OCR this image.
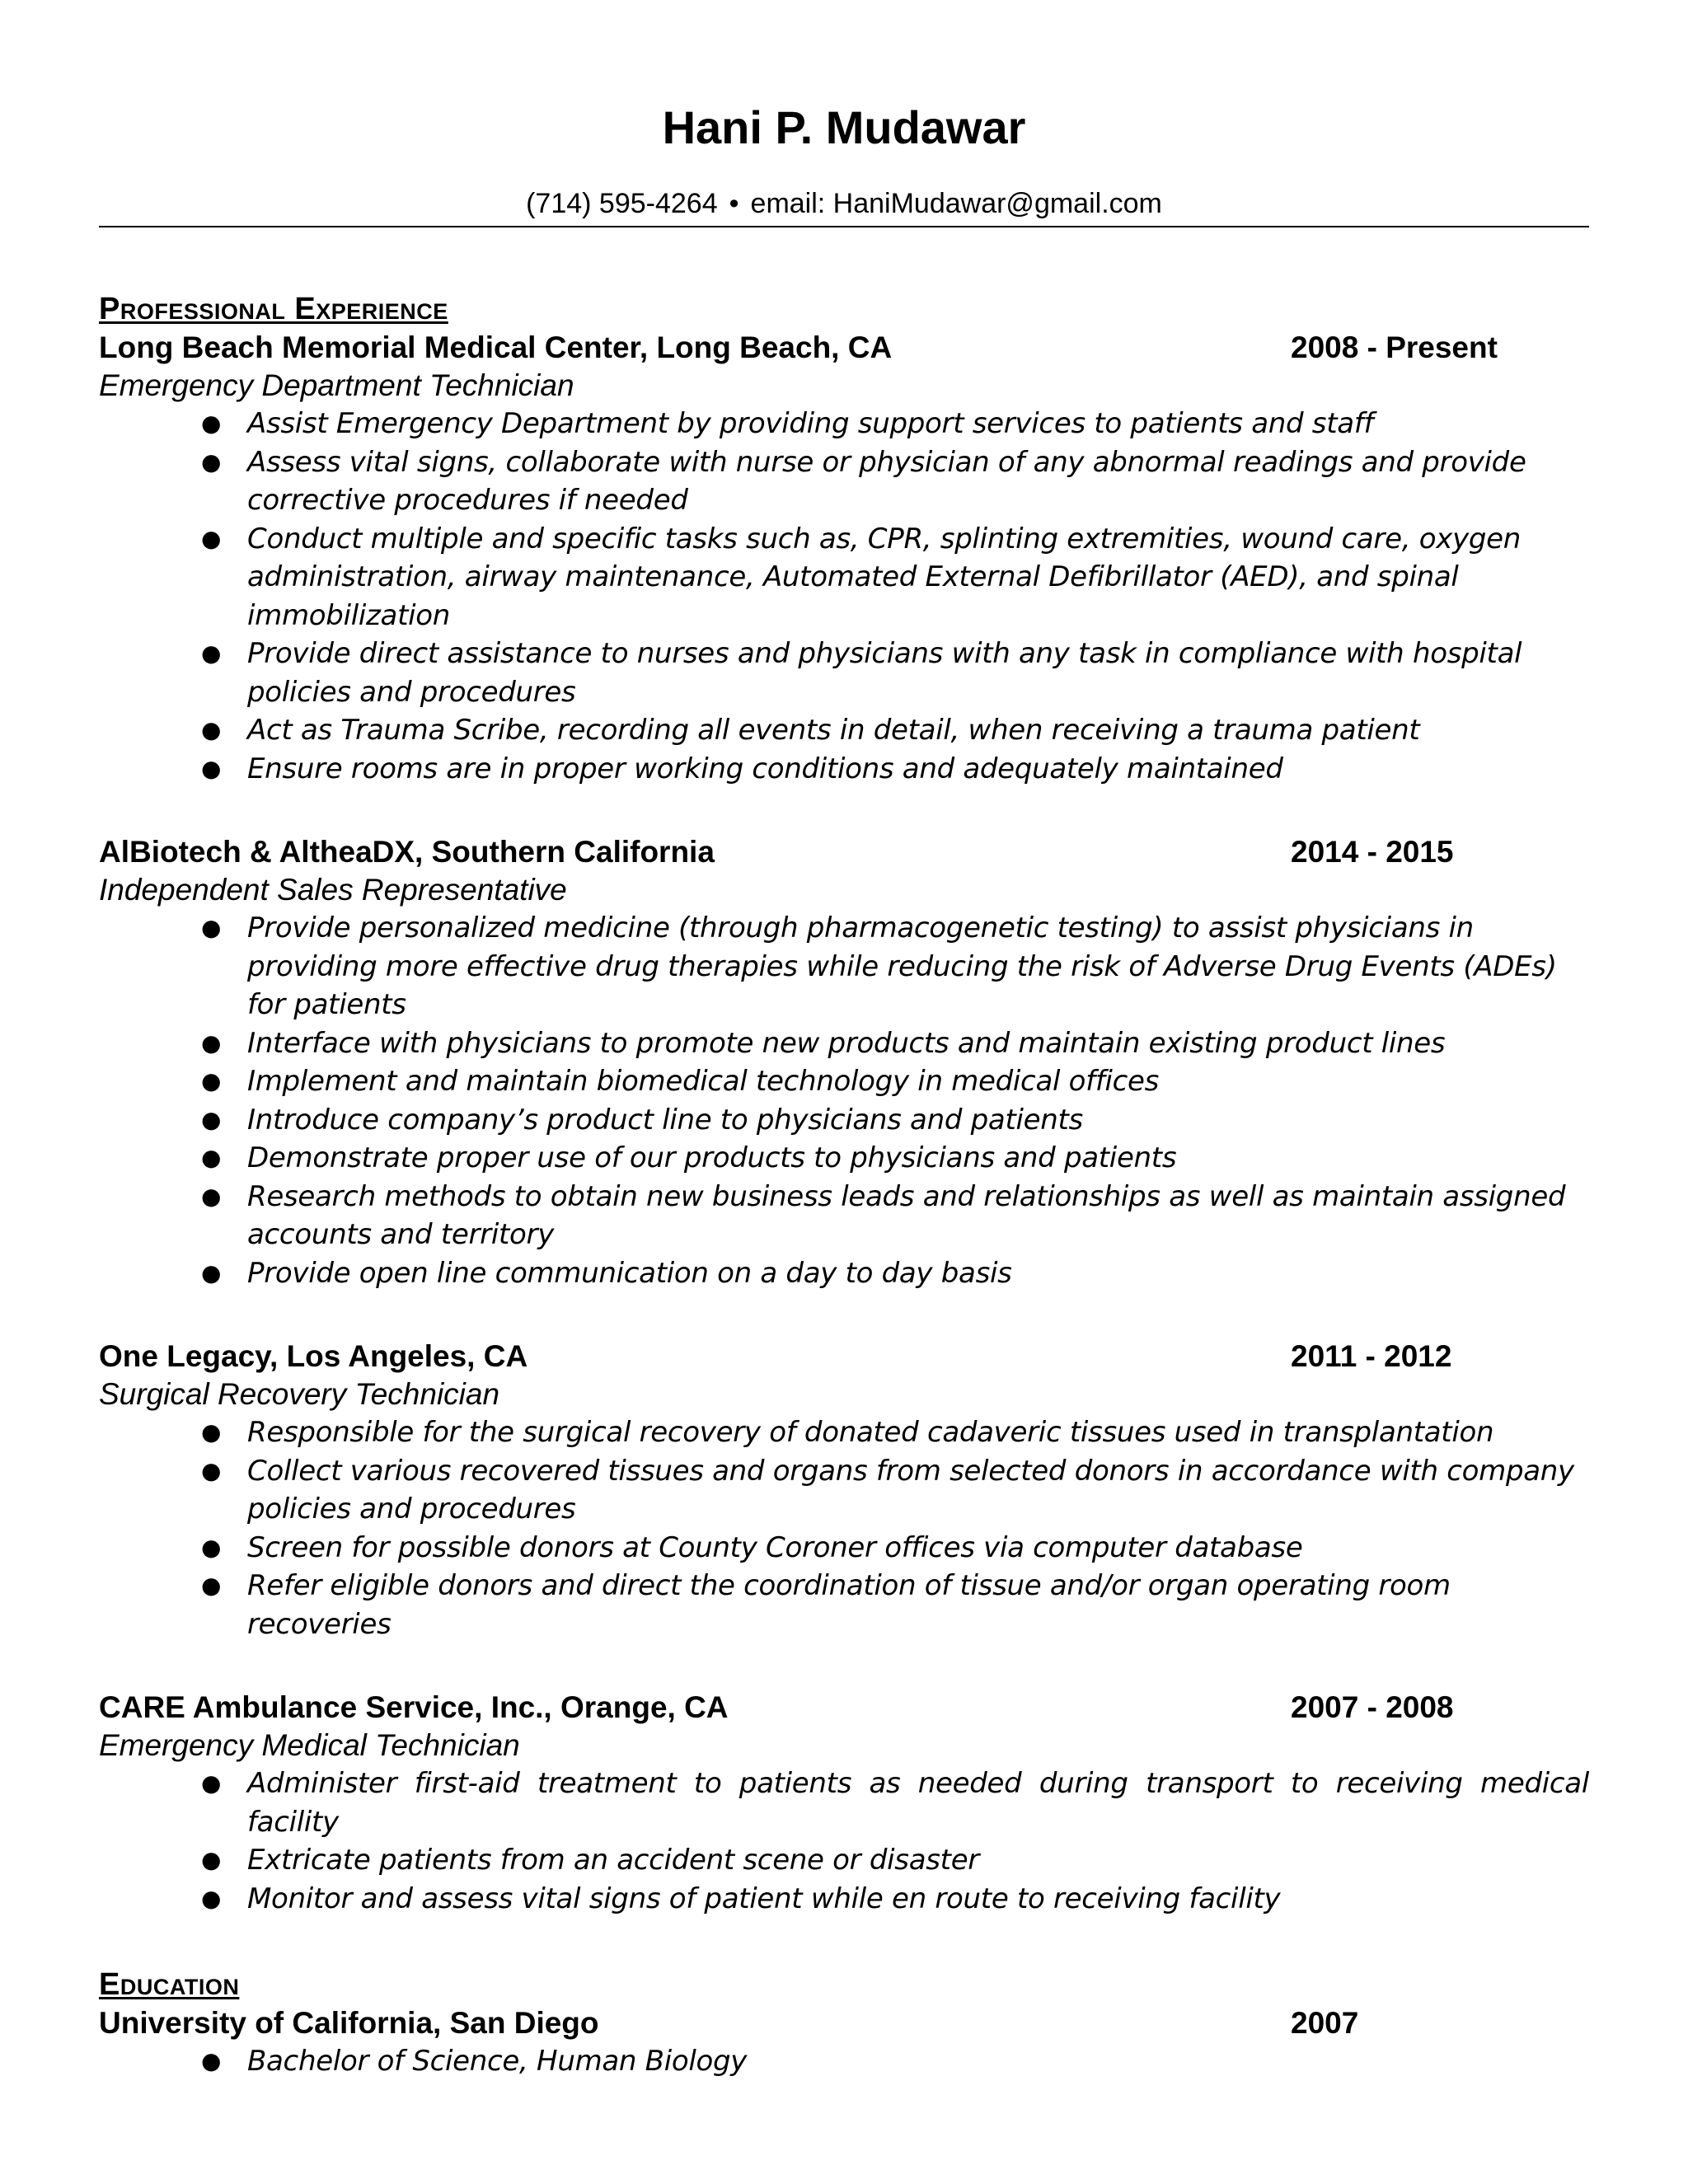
Hani P. Mudawar
(714) 595-4264 • email: HaniMudawar@gmail.com
Professional Experience
Long Beach Memorial Medical Center, Long Beach, CA	2008 - Present
Emergency Department Technician
● Assist Emergency Department by providing support services to patients and staff
● Assess vital signs, collaborate with nurse or physician of any abnormal readings and provide corrective procedures if needed
● Conduct multiple and specific tasks such as, CPR, splinting extremities, wound care, oxygen administration, airway maintenance, Automated External Defibrillator (AED), and spinal immobilization
● Provide direct assistance to nurses and physicians with any task in compliance with hospital policies and procedures
● Act as Trauma Scribe, recording all events in detail, when receiving a trauma patient
● Ensure rooms are in proper working conditions and adequately maintained
AlBiotech & AltheaDX, Southern California	2014 - 2015
Independent Sales Representative
● Provide personalized medicine (through pharmacogenetic testing) to assist physicians in providing more effective drug therapies while reducing the risk of Adverse Drug Events (ADEs) for patients
● Interface with physicians to promote new products and maintain existing product lines
● Implement and maintain biomedical technology in medical offices
● Introduce company’s product line to physicians and patients
● Demonstrate proper use of our products to physicians and patients
● Research methods to obtain new business leads and relationships as well as maintain assigned accounts and territory
● Provide open line communication on a day to day basis
One Legacy, Los Angeles, CA	2011 - 2012
Surgical Recovery Technician
● Responsible for the surgical recovery of donated cadaveric tissues used in transplantation
● Collect various recovered tissues and organs from selected donors in accordance with company policies and procedures
● Screen for possible donors at County Coroner offices via computer database
● Refer eligible donors and direct the coordination of tissue and/or organ operating room recoveries
CARE Ambulance Service, Inc., Orange, CA	2007 - 2008
Emergency Medical Technician
● Administer first-aid treatment to patients as needed during transport to receiving medical facility
● Extricate patients from an accident scene or disaster
● Monitor and assess vital signs of patient while en route to receiving facility
Education
University of California, San Diego	2007
● Bachelor of Science, Human Biology
